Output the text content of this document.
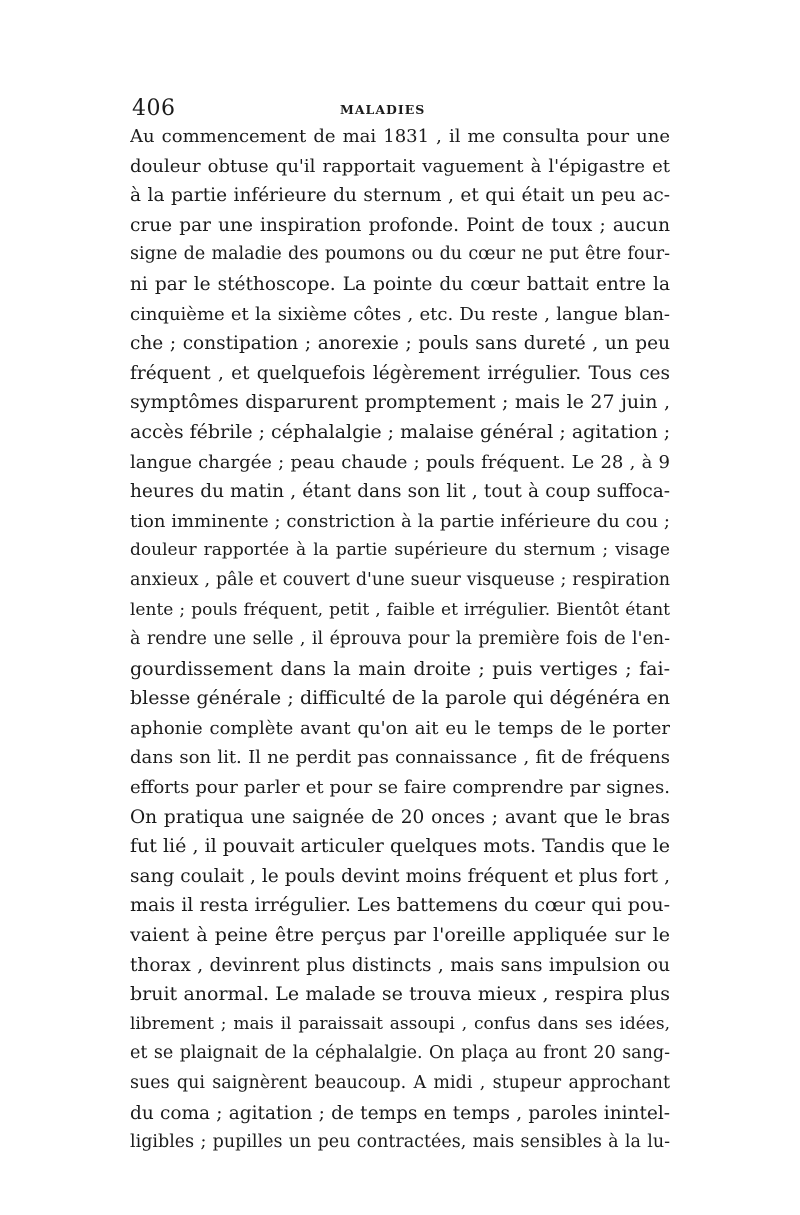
406	MALADIES
Au commencement de mai 1831 , il me consulta pour une
douleur obtuse qu'il rapportait vaguement à l'épigastre et
à la partie inférieure du sternum , et qui était un peu ac-
crue par une inspiration profonde. Point de toux ; aucun
signe de maladie des poumons ou du cœur ne put être four-
ni par le stéthoscope. La pointe du cœur battait entre la
cinquième et la sixième côtes , etc. Du reste , langue blan-
che ; constipation ; anorexie ; pouls sans dureté , un peu
fréquent , et quelquefois légèrement irrégulier. Tous ces
symptômes disparurent promptement ; mais le 27 juin ,
accès fébrile ; céphalalgie ; malaise général ; agitation ;
langue chargée ; peau chaude ; pouls fréquent. Le 28 , à 9
heures du matin , étant dans son lit , tout à coup suffoca-
tion imminente ; constriction à la partie inférieure du cou ;
douleur rapportée à la partie supérieure du sternum ; visage
anxieux , pâle et couvert d'une sueur visqueuse ; respiration
lente ; pouls fréquent, petit , faible et irrégulier. Bientôt étant
à rendre une selle , il éprouva pour la première fois de l'en-
gourdissement dans la main droite ; puis vertiges ; fai-
blesse générale ; difficulté de la parole qui dégénéra en
aphonie complète avant qu'on ait eu le temps de le porter
dans son lit. Il ne perdit pas connaissance , fit de fréquens
efforts pour parler et pour se faire comprendre par signes.
On pratiqua une saignée de 20 onces ; avant que le bras
fut lié , il pouvait articuler quelques mots. Tandis que le
sang coulait , le pouls devint moins fréquent et plus fort ,
mais il resta irrégulier. Les battemens du cœur qui pou-
vaient à peine être perçus par l'oreille appliquée sur le
thorax , devinrent plus distincts , mais sans impulsion ou
bruit anormal. Le malade se trouva mieux , respira plus
librement ; mais il paraissait assoupi , confus dans ses idées,
et se plaignait de la céphalalgie. On plaça au front 20 sang-
sues qui saignèrent beaucoup. A midi , stupeur approchant
du coma ; agitation ; de temps en temps , paroles inintel-
ligibles ; pupilles un peu contractées, mais sensibles à la lu-
